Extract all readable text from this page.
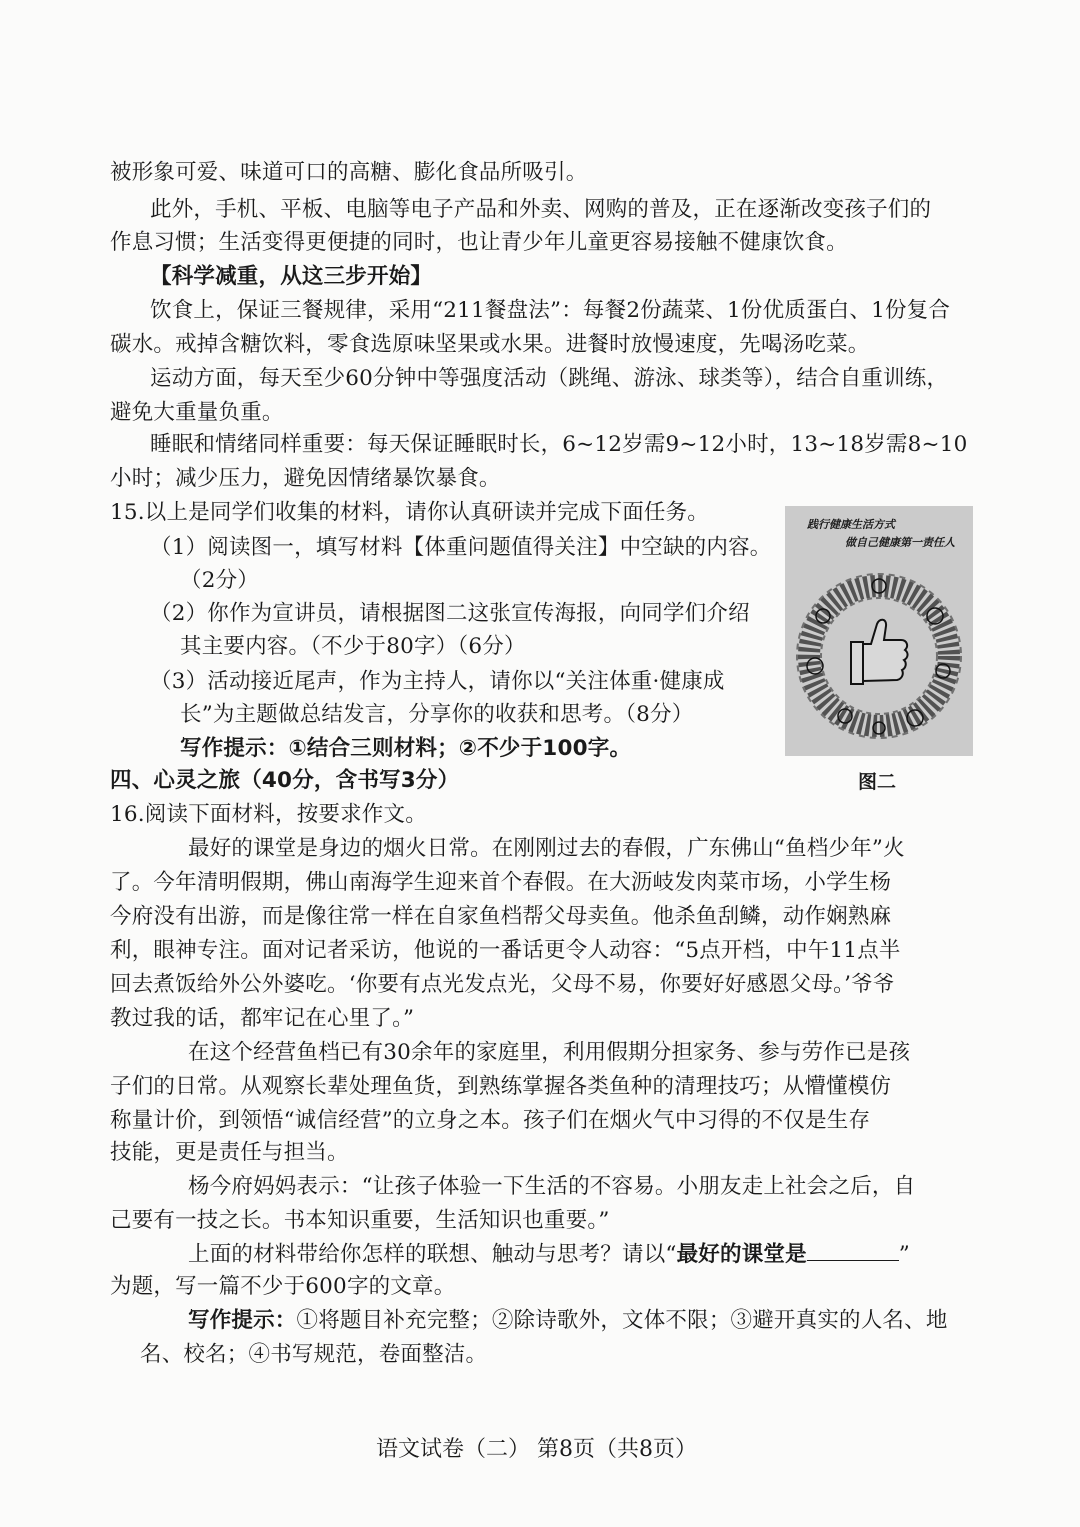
被形象可爱、味道可口的高糖、膨化食品所吸引。
此外，手机、平板、电脑等电子产品和外卖、网购的普及，正在逐渐改变孩子们的
作息习惯；生活变得更便捷的同时，也让青少年儿童更容易接触不健康饮食。
【科学减重，从这三步开始】
饮食上，保证三餐规律，采用“211餐盘法”：每餐2份蔬菜、1份优质蛋白、1份复合
碳水。戒掉含糖饮料，零食选原味坚果或水果。进餐时放慢速度，先喝汤吃菜。
运动方面，每天至少60分钟中等强度活动（跳绳、游泳、球类等），结合自重训练，
避免大重量负重。
睡眠和情绪同样重要：每天保证睡眠时长，6~12岁需9~12小时，13~18岁需8~10
小时；减少压力，避免因情绪暴饮暴食。
15.以上是同学们收集的材料，请你认真研读并完成下面任务。
（1）阅读图一，填写材料【体重问题值得关注】中空缺的内容。
（2分）
（2）你作为宣讲员，请根据图二这张宣传海报，向同学们介绍
其主要内容。（不少于80字）（6分）
（3）活动接近尾声，作为主持人，请你以“关注体重·健康成
长”为主题做总结发言，分享你的收获和思考。（8分）
写作提示：①结合三则材料；②不少于100字。
四、心灵之旅（40分，含书写3分）
16.阅读下面材料，按要求作文。
最好的课堂是身边的烟火日常。在刚刚过去的春假，广东佛山“鱼档少年”火
了。今年清明假期，佛山南海学生迎来首个春假。在大沥岐发肉菜市场，小学生杨
今府没有出游，而是像往常一样在自家鱼档帮父母卖鱼。他杀鱼刮鳞，动作娴熟麻
利，眼神专注。面对记者采访，他说的一番话更令人动容：“5点开档，中午11点半
回去煮饭给外公外婆吃。‘你要有点光发点光，父母不易，你要好好感恩父母。’爷爷
教过我的话，都牢记在心里了。”
在这个经营鱼档已有30余年的家庭里，利用假期分担家务、参与劳作已是孩
子们的日常。从观察长辈处理鱼货，到熟练掌握各类鱼种的清理技巧；从懵懂模仿
称量计价，到领悟“诚信经营”的立身之本。孩子们在烟火气中习得的不仅是生存
技能，更是责任与担当。
杨今府妈妈表示：“让孩子体验一下生活的不容易。小朋友走上社会之后，自
己要有一技之长。书本知识重要，生活知识也重要。”
上面的材料带给你怎样的联想、触动与思考？请以“最好的课堂是	”
为题，写一篇不少于600字的文章。
写作提示：①将题目补充完整；②除诗歌外，文体不限；③避开真实的人名、地
名、校名；④书写规范，卷面整洁。
践行健康生活方式
做自己健康第一责任人
图二
语文试卷（二） 第8页（共8页）
